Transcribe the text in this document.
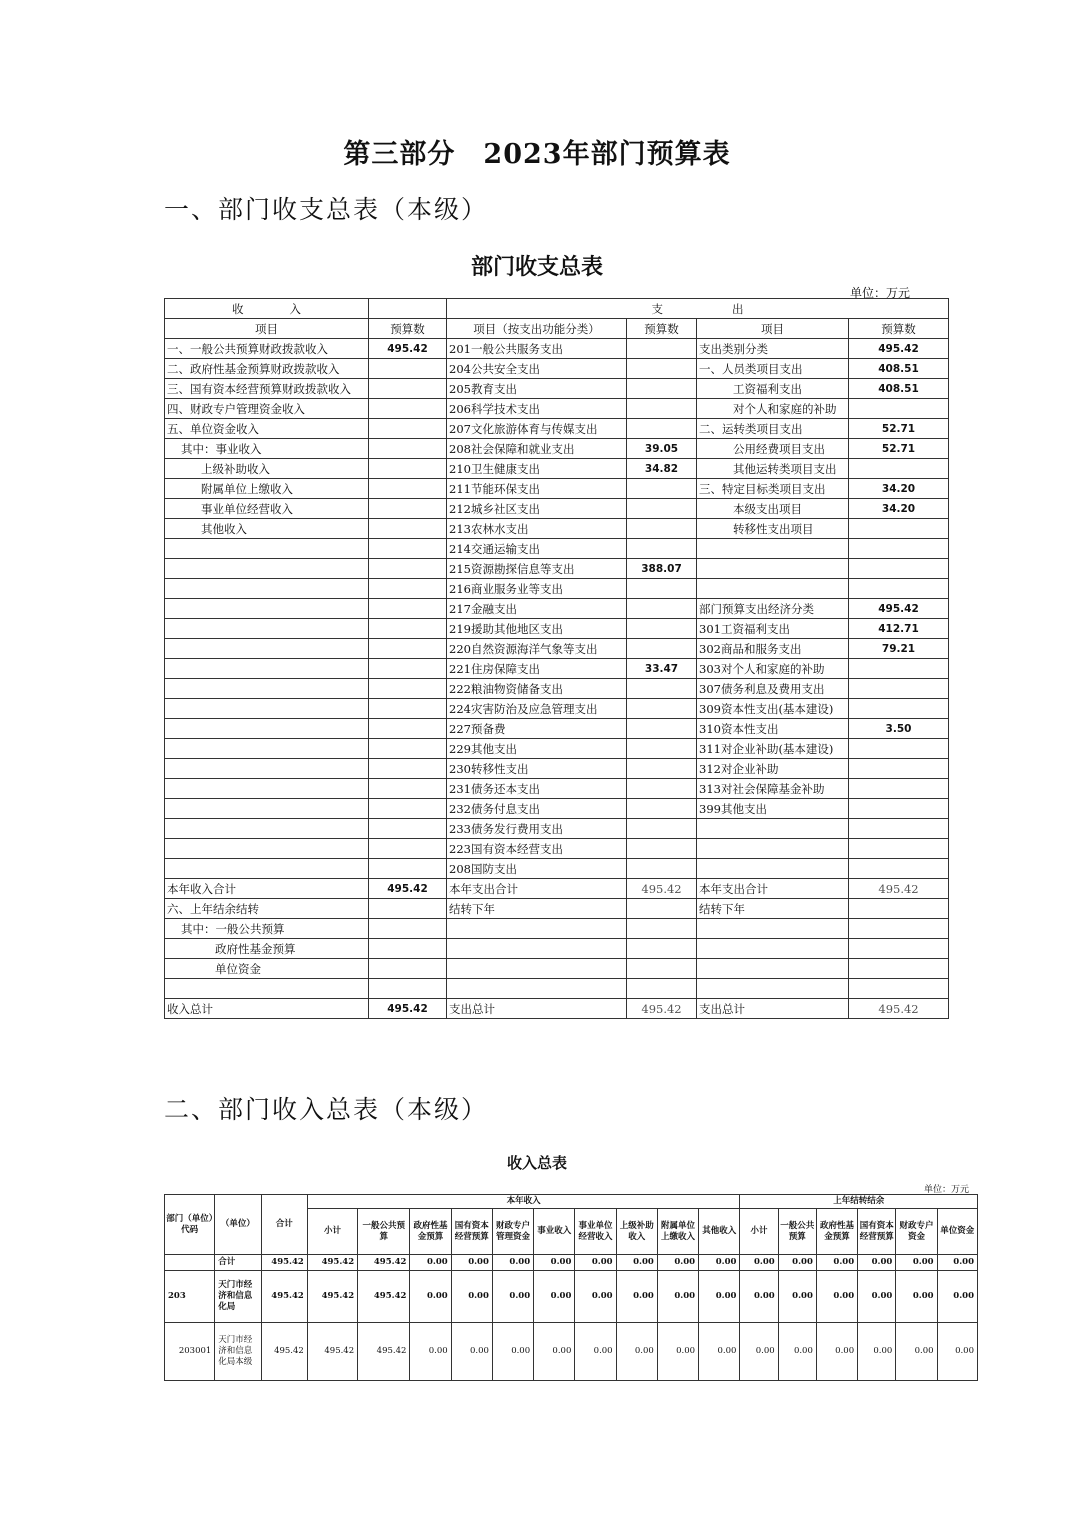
第三部分　2023年部门预算表
一、部门收支总表（本级）
部门收支总表
单位：万元
收　　　　入		支　　　　　　出			
项目	预算数	项目（按支出功能分类）	预算数	项目	预算数
一、一般公共预算财政拨款收入	495.42	201一般公共服务支出		支出类别分类	495.42
二、政府性基金预算财政拨款收入		204公共安全支出		一、人员类项目支出	408.51
三、国有资本经营预算财政拨款收入		205教育支出		工资福利支出	408.51
四、财政专户管理资金收入		206科学技术支出		对个人和家庭的补助	
五、单位资金收入		207文化旅游体育与传媒支出		二、运转类项目支出	52.71
其中：事业收入		208社会保障和就业支出	39.05	公用经费项目支出	52.71
上级补助收入		210卫生健康支出	34.82	其他运转类项目支出	
附属单位上缴收入		211节能环保支出		三、特定目标类项目支出	34.20
事业单位经营收入		212城乡社区支出		本级支出项目	34.20
其他收入		213农林水支出		转移性支出项目	
		214交通运输支出			
		215资源勘探信息等支出	388.07		
		216商业服务业等支出			
		217金融支出		部门预算支出经济分类	495.42
		219援助其他地区支出		301工资福利支出	412.71
		220自然资源海洋气象等支出		302商品和服务支出	79.21
		221住房保障支出	33.47	303对个人和家庭的补助	
		222粮油物资储备支出		307债务利息及费用支出	
		224灾害防治及应急管理支出		309资本性支出(基本建设)	
		227预备费		310资本性支出	3.50
		229其他支出		311对企业补助(基本建设)	
		230转移性支出		312对企业补助	
		231债务还本支出		313对社会保障基金补助	
		232债务付息支出		399其他支出	
		233债务发行费用支出			
		223国有资本经营支出			
		208国防支出			
本年收入合计	495.42	本年支出合计	495.42	本年支出合计	495.42
六、上年结余结转		结转下年		结转下年	
其中：一般公共预算					
政府性基金预算					
单位资金					

收入总计	495.42	支出总计	495.42	支出总计	495.42
二、部门收入总表（本级）
收入总表
单位：万元
部门（单位）代码	（单位）	合计	本年收入										上年结转结余					
			小计	一般公共预算	政府性基金预算	国有资本经营预算	财政专户管理资金	事业收入	事业单位经营收入	上级补助收入	附属单位上缴收入	其他收入	小计	一般公共预算	政府性基金预算	国有资本经营预算	财政专户资金	单位资金
	合计	495.42	495.42	495.42	0.00	0.00	0.00	0.00	0.00	0.00	0.00	0.00	0.00	0.00	0.00	0.00	0.00	0.00
203	天门市经济和信息化局	495.42	495.42	495.42	0.00	0.00	0.00	0.00	0.00	0.00	0.00	0.00	0.00	0.00	0.00	0.00	0.00	0.00
203001	天门市经济和信息化局本级	495.42	495.42	495.42	0.00	0.00	0.00	0.00	0.00	0.00	0.00	0.00	0.00	0.00	0.00	0.00	0.00	0.00
